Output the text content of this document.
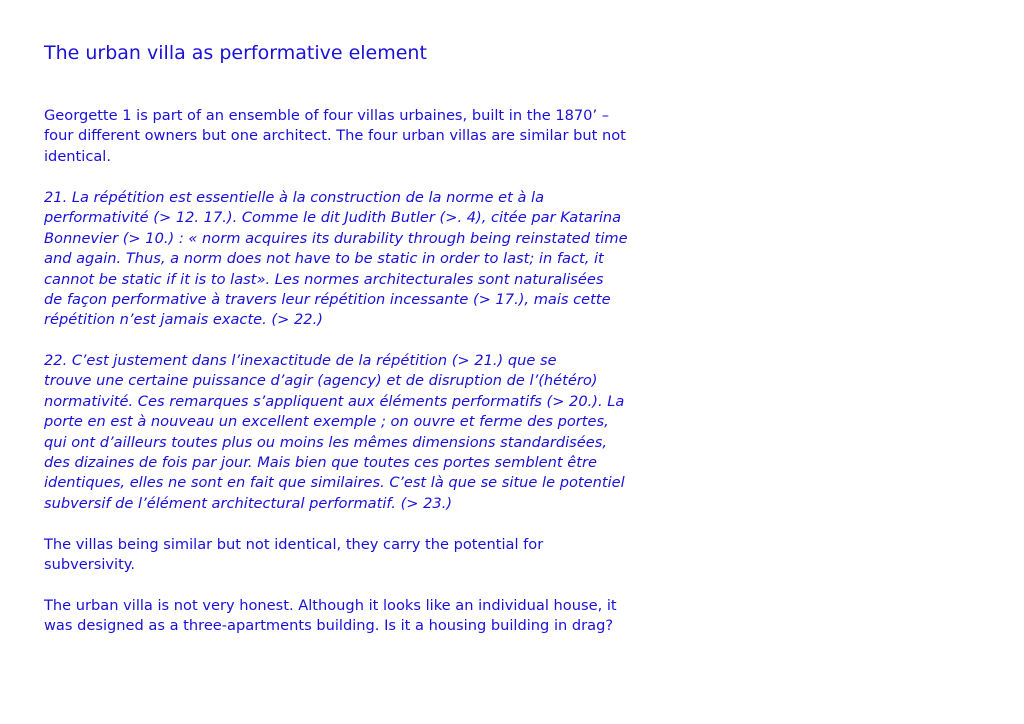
The urban villa as performative element
Georgette 1 is part of an ensemble of four villas urbaines, built in the 1870’ –
four different owners but one architect. The four urban villas are similar but not
identical.
21. La répétition est essentielle à la construction de la norme et à la
performativité (> 12. 17.). Comme le dit Judith Butler (>. 4), citée par Katarina
Bonnevier (> 10.) : « norm acquires its durability through being reinstated time
and again. Thus, a norm does not have to be static in order to last; in fact, it
cannot be static if it is to last». Les normes architecturales sont naturalisées
de façon performative à travers leur répétition incessante (> 17.), mais cette
répétition n’est jamais exacte. (> 22.)
22. C’est justement dans l’inexactitude de la répétition (> 21.) que se
trouve une certaine puissance d’agir (agency) et de disruption de l’(hétéro)
normativité. Ces remarques s’appliquent aux éléments performatifs (> 20.). La
porte en est à nouveau un excellent exemple ; on ouvre et ferme des portes,
qui ont d’ailleurs toutes plus ou moins les mêmes dimensions standardisées,
des dizaines de fois par jour. Mais bien que toutes ces portes semblent être
identiques, elles ne sont en fait que similaires. C’est là que se situe le potentiel
subversif de l’élément architectural performatif. (> 23.)
The villas being similar but not identical, they carry the potential for
subversivity.
The urban villa is not very honest. Although it looks like an individual house, it
was designed as a three-apartments building. Is it a housing building in drag?
